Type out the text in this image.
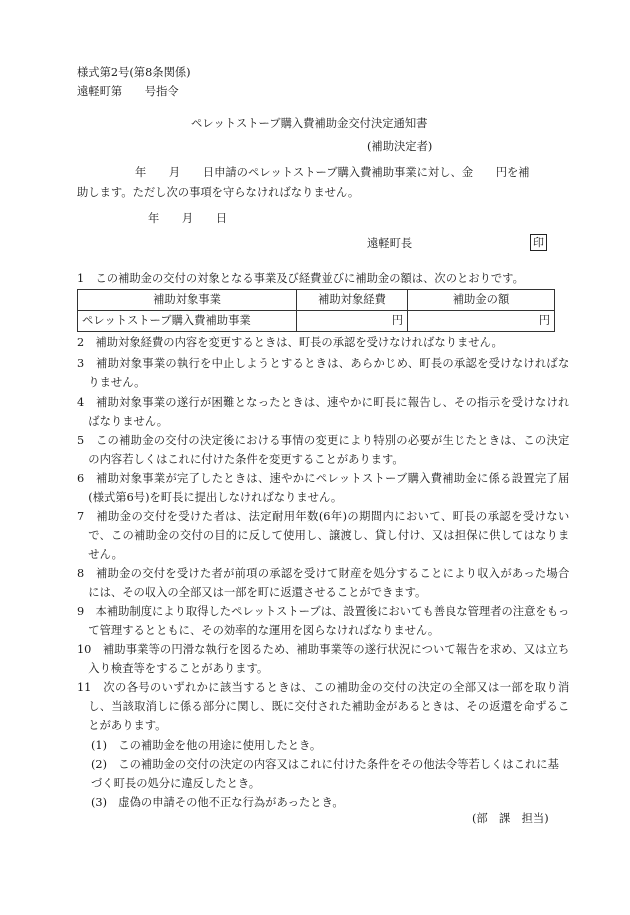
様式第2号(第8条関係)
遠軽町第　　号指令
ペレットストーブ購入費補助金交付決定通知書
(補助決定者)
年　　月　　日申請のペレットストーブ購入費補助事業に対し、金　　円を補
助します。ただし次の事項を守らなければなりません。
年　　月　　日
遠軽町長	印
1　この補助金の交付の対象となる事業及び経費並びに補助金の額は、次のとおりです。
補助対象事業	補助対象経費	補助金の額
ペレットストーブ購入費補助事業	円	円

2　補助対象経費の内容を変更するときは、町長の承認を受けなければなりません。

3　補助対象事業の執行を中止しようとするときは、あらかじめ、町長の承認を受けなければなりません。

4　補助対象事業の遂行が困難となったときは、速やかに町長に報告し、その指示を受けなければなりません。

5　この補助金の交付の決定後における事情の変更により特別の必要が生じたときは、この決定の内容若しくはこれに付けた条件を変更することがあります。

6　補助対象事業が完了したときは、速やかにペレットストーブ購入費補助金に係る設置完了届(様式第6号)を町長に提出しなければなりません。

7　補助金の交付を受けた者は、法定耐用年数(6年)の期間内において、町長の承認を受けないで、この補助金の交付の目的に反して使用し、譲渡し、貸し付け、又は担保に供してはなりません。

8　補助金の交付を受けた者が前項の承認を受けて財産を処分することにより収入があった場合には、その収入の全部又は一部を町に返還させることができます。

9　本補助制度により取得したペレットストーブは、設置後においても善良な管理者の注意をもって管理するとともに、その効率的な運用を図らなければなりません。

10　補助事業等の円滑な執行を図るため、補助事業等の遂行状況について報告を求め、又は立ち入り検査等をすることがあります。

11　次の各号のいずれかに該当するときは、この補助金の交付の決定の全部又は一部を取り消し、当該取消しに係る部分に関し、既に交付された補助金があるときは、その返還を命ずることがあります。

(1)　この補助金を他の用途に使用したとき。

(2)　この補助金の交付の決定の内容又はこれに付けた条件をその他法令等若しくはこれに基づく町長の処分に違反したとき。

(3)　虚偽の申請その他不正な行為があったとき。

(部　課　担当)
